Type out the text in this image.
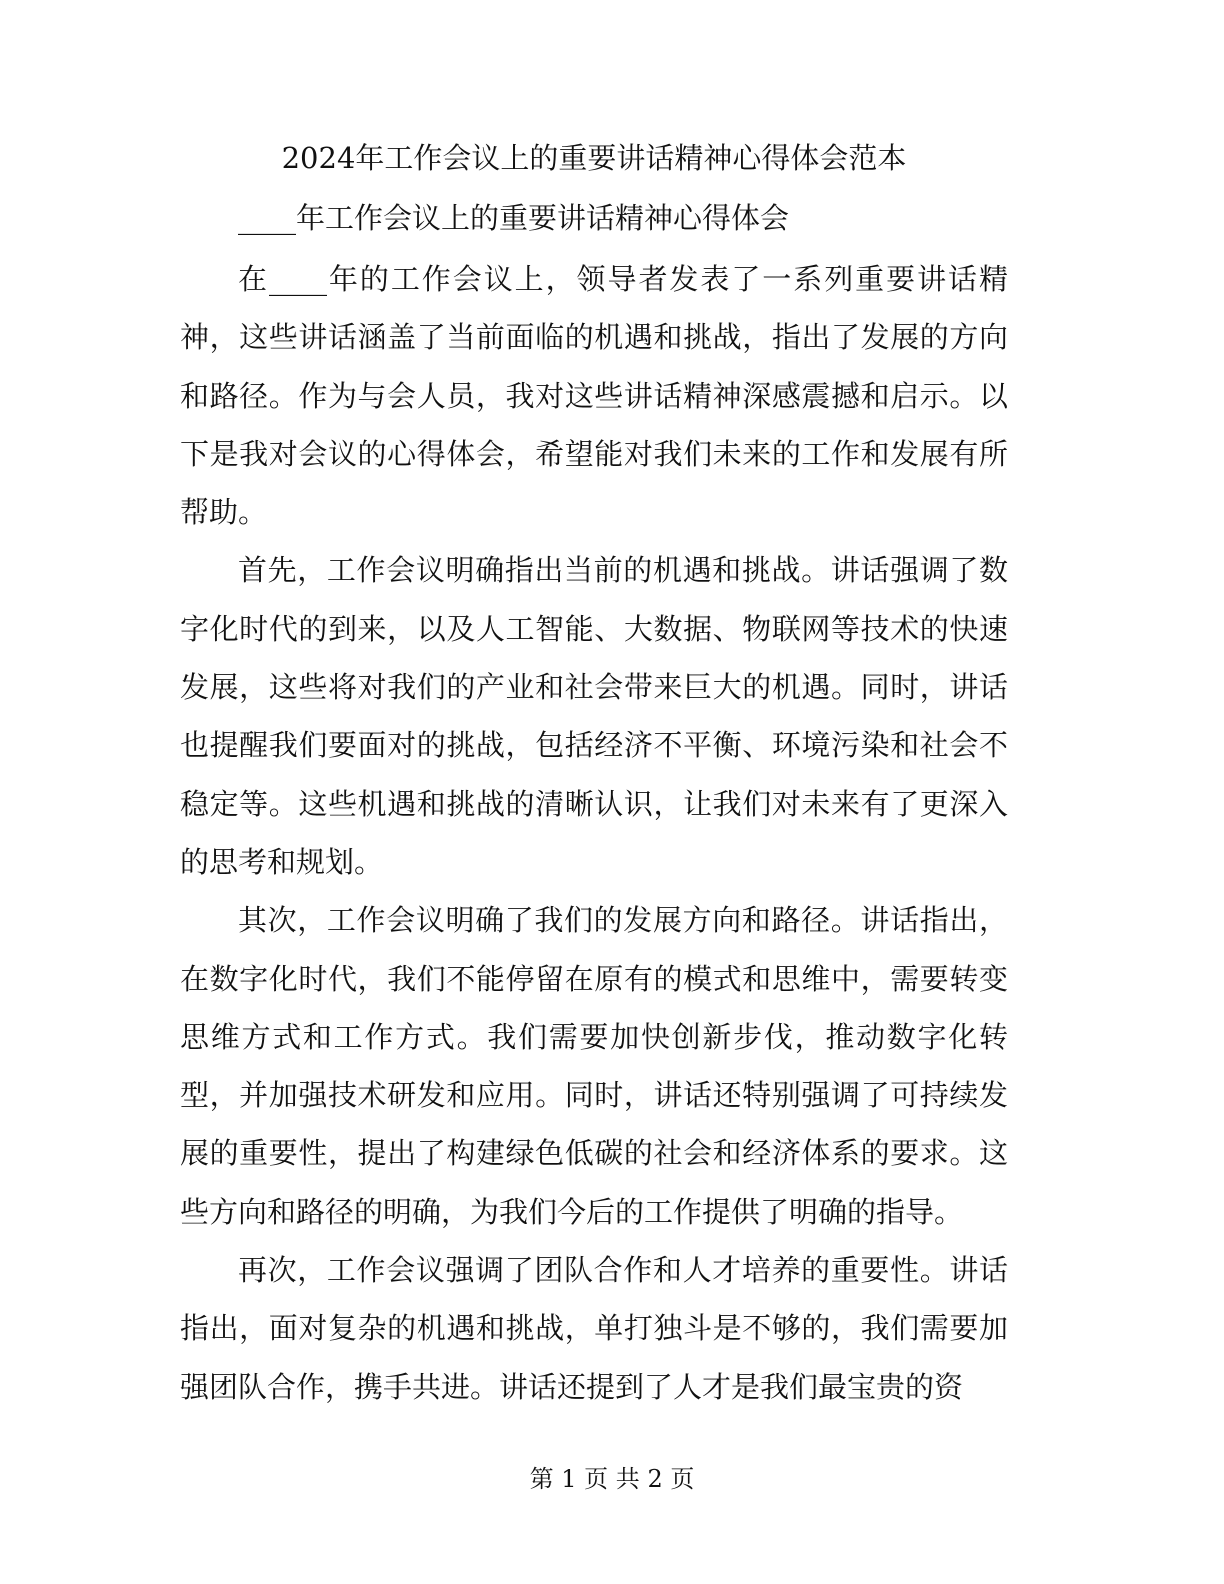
2024年工作会议上的重要讲话精神心得体会范本
____年工作会议上的重要讲话精神心得体会

在____年的工作会议上，领导者发表了一系列重要讲话精神，这些讲话涵盖了当前面临的机遇和挑战，指出了发展的方向和路径。作为与会人员，我对这些讲话精神深感震撼和启示。以下是我对会议的心得体会，希望能对我们未来的工作和发展有所帮助。

首先，工作会议明确指出当前的机遇和挑战。讲话强调了数字化时代的到来，以及人工智能、大数据、物联网等技术的快速发展，这些将对我们的产业和社会带来巨大的机遇。同时，讲话也提醒我们要面对的挑战，包括经济不平衡、环境污染和社会不稳定等。这些机遇和挑战的清晰认识，让我们对未来有了更深入的思考和规划。

其次，工作会议明确了我们的发展方向和路径。讲话指出，在数字化时代，我们不能停留在原有的模式和思维中，需要转变思维方式和工作方式。我们需要加快创新步伐，推动数字化转型，并加强技术研发和应用。同时，讲话还特别强调了可持续发展的重要性，提出了构建绿色低碳的社会和经济体系的要求。这些方向和路径的明确，为我们今后的工作提供了明确的指导。

再次，工作会议强调了团队合作和人才培养的重要性。讲话指出，面对复杂的机遇和挑战，单打独斗是不够的，我们需要加强团队合作，携手共进。讲话还提到了人才是我们最宝贵的资

第 1 页 共 2 页
